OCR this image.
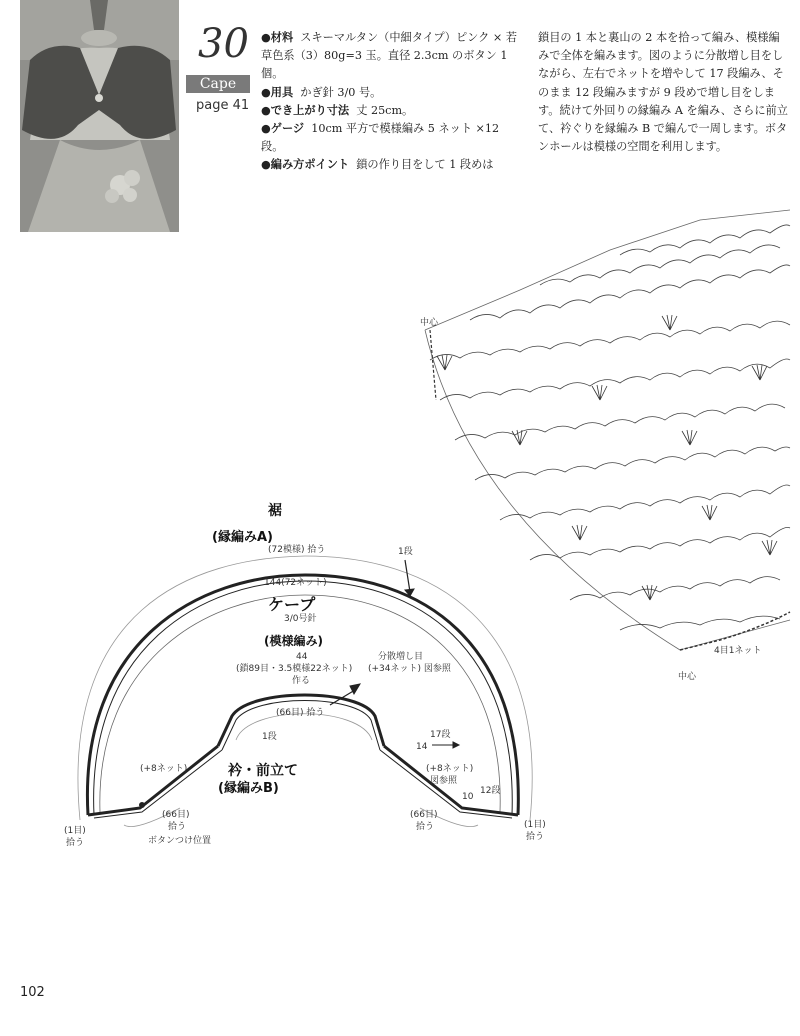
30
Cape
page 41
●材料 スキーマルタン（中細タイプ）ピンク × 若草色系（3）80g=3 玉。直径 2.3cm のボタン 1 個。
●用具 かぎ針 3/0 号。
●でき上がり寸法 丈 25cm。
●ゲージ 10cm 平方で模様編み 5 ネット ×12 段。
●編み方ポイント 鎖の作り目をして 1 段めは
鎖目の 1 本と裏山の 2 本を拾って編み、模様編みで全体を編みます。図のように分散増し目をしながら、左右でネットを増やして 17 段編み、そのまま 12 段編みますが 9 段めで増し目をします。続けて外回りの縁編み A を編み、さらに前立て、衿ぐりを縁編み B で編んで一周します。ボタンホールは模様の空間を利用します。
裾
(縁編みA)
(72模様) 拾う	1段
144(72ネット)
ケープ
3/0号針
(模様編み)
44
(鎖89目・3.5模様22ネット)
作る
分散増し目
(+34ネット) 図参照
(66目) 拾う
1段
14
17段
(+8ネット)	(+8ネット)
図参照
衿・前立て
(縁編みB)
10
12段
(66目)
拾う
(66目)
拾う
(1目)
拾う
(1目)
拾う
ボタンつけ位置
中心
中心
4目1ネット
102
